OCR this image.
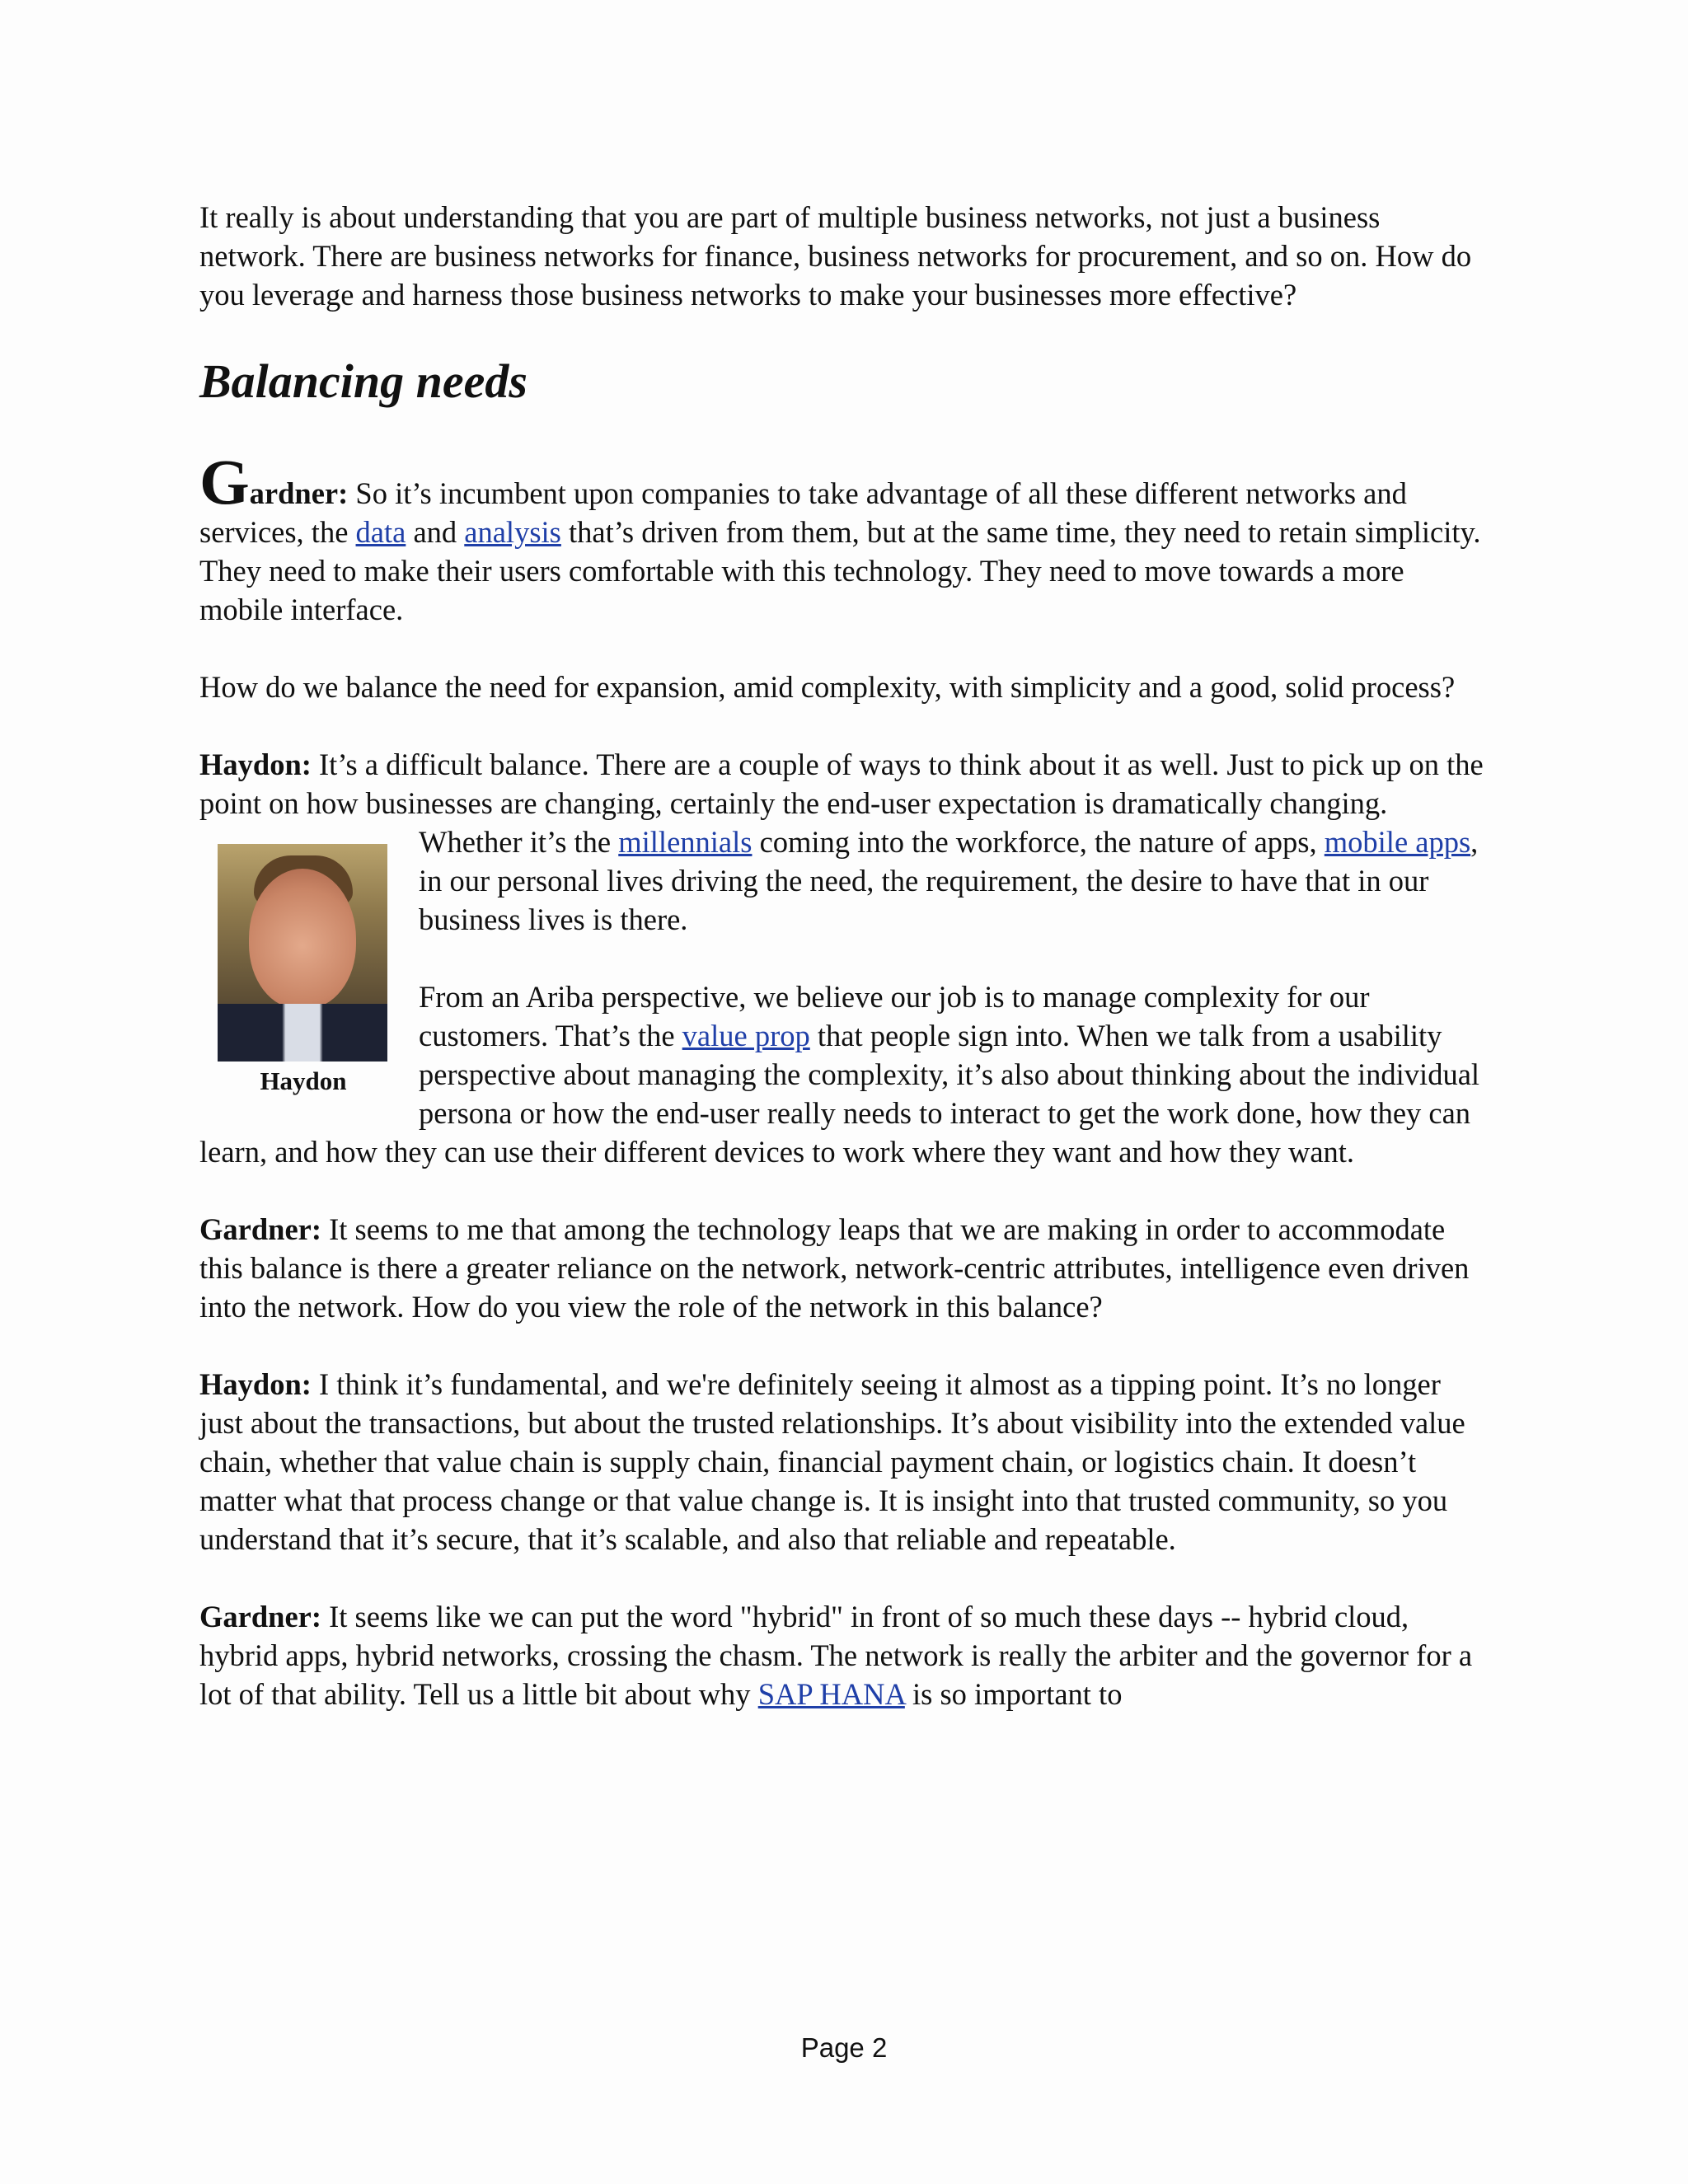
It really is about understanding that you are part of multiple business networks, not just a business network. There are business networks for finance, business networks for procurement, and so on. How do you leverage and harness those business networks to make your businesses more effective?

Balancing needs

Gardner: So it’s incumbent upon companies to take advantage of all these different networks and services, the data and analysis that’s driven from them, but at the same time, they need to retain simplicity. They need to make their users comfortable with this technology. They need to move towards a more mobile interface.

How do we balance the need for expansion, amid complexity, with simplicity and a good, solid process?

Haydon: It’s a difficult balance. There are a couple of ways to think about it as well. Just to pick up on the point on how businesses are changing, certainly the end-user expectation is dramatically changing. Whether it’s the
Haydon
millennials coming into the workforce, the nature of apps, mobile apps, in our personal lives driving the need, the requirement, the desire to have that in our business lives is there.

From an Ariba perspective, we believe our job is to manage complexity for our customers. That’s the value prop that people sign into. When we talk from a usability perspective about managing the complexity, it’s also about thinking about the individual persona or how the end-user really needs to interact to get the work done, how they can learn, and how they can use their different devices to work where they want and how they want.

Gardner: It seems to me that among the technology leaps that we are making in order to accommodate this balance is there a greater reliance on the network, network-centric attributes, intelligence even driven into the network. How do you view the role of the network in this balance?

Haydon: I think it’s fundamental, and we're definitely seeing it almost as a tipping point. It’s no longer just about the transactions, but about the trusted relationships. It’s about visibility into the extended value chain, whether that value chain is supply chain, financial payment chain, or logistics chain. It doesn’t matter what that process change or that value change is. It is insight into that trusted community, so you understand that it’s secure, that it’s scalable, and also that reliable and repeatable.

Gardner: It seems like we can put the word "hybrid" in front of so much these days -- hybrid cloud, hybrid apps, hybrid networks, crossing the chasm. The network is really the arbiter and the governor for a lot of that ability. Tell us a little bit about why SAP HANA is so important to

Page 2
